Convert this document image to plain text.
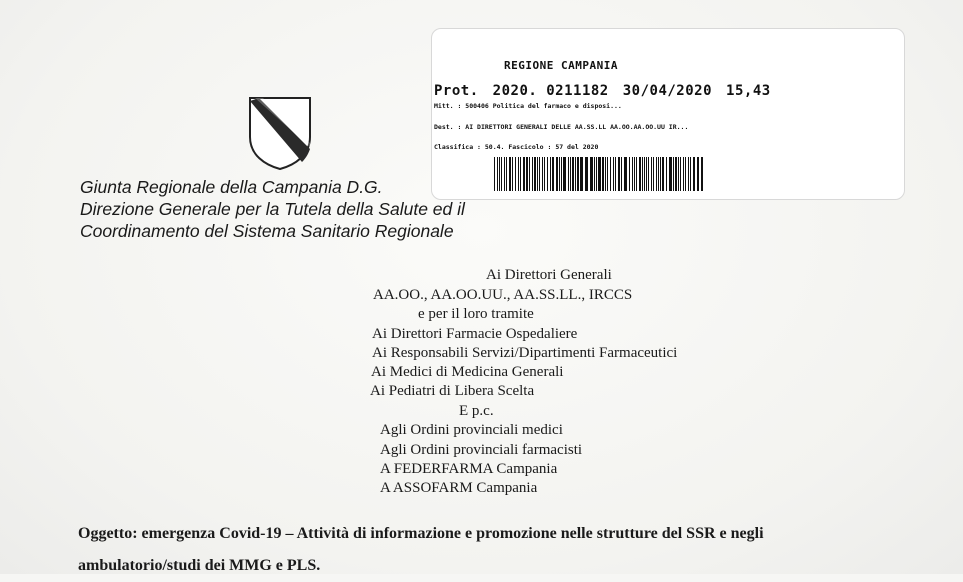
REGIONE CAMPANIA
Prot. 2020. 0211182 30/04/2020 15,43
Mitt. : 500406 Politica del farmaco e disposi...
Dest. : AI DIRETTORI GENERALI DELLE AA.SS.LL AA.OO.AA.OO.UU IR...
Classifica : 50.4. Fascicolo : 57 del 2020
Giunta Regionale della Campania D.G.
Direzione Generale per la Tutela della Salute ed il
Coordinamento del Sistema Sanitario Regionale
Ai Direttori Generali
AA.OO., AA.OO.UU., AA.SS.LL., IRCCS
e per il loro tramite
Ai Direttori Farmacie Ospedaliere
Ai Responsabili Servizi/Dipartimenti Farmaceutici
Ai Medici di Medicina Generali
Ai Pediatri di Libera Scelta
E p.c.
Agli Ordini provinciali medici
Agli Ordini provinciali farmacisti
A FEDERFARMA Campania
A ASSOFARM Campania
Oggetto: emergenza Covid-19 – Attività di informazione e promozione nelle strutture del SSR e negli
ambulatorio/studi dei MMG e PLS.
